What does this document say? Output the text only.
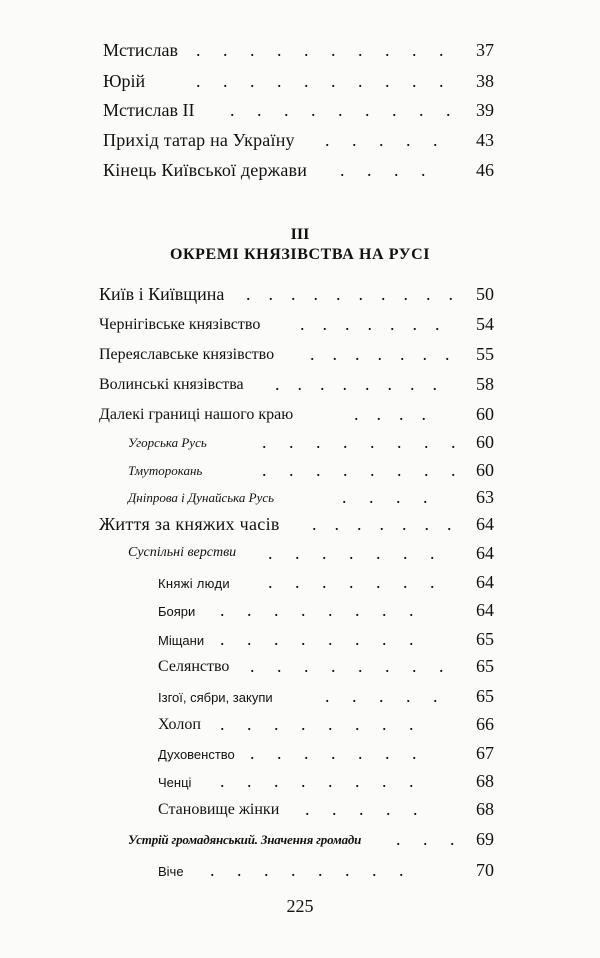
Мстислав .     .     .     .     .     .     .     .     .     .	37
Юрій	.     .     .     .     .     .     .     .     .     .	38
Мстислав II .     .     .     .     .     .     .     .     .	39
Прихід татар на Україну .     .     .     .     .	43
Кінець Київської держави .     .     .     .	46
III
ОКРЕМІ КНЯЗІВСТВА НА РУСІ
Київ і Київщина .    .    .    .    .    .    .    .    .    . 50
Чернігівське князівство .    .    .    .    .    .    .	54
Переяславське князівство .    .    .    .    .    .    .	55
Волинські князівства .    .    .    .    .    .    .    .	58
Далекі границі нашого краю	.    .    .    .	60
Угорська Русь	.     .     .     .     .     .     .     . 60
Тмуторокань	.     .     .     .     .     .     .     . 60
Дніпрова і Дунайська Русь	.     .     .     .	63
Життя за княжих часів .    .    .    .    .    .    .	64
Суспільні верстви .     .     .     .     .     .     .	64
Княжі люди .     .     .     .     .     .     .	64
Бояри .     .     .     .     .     .     .     .	64
Міщани .     .     .     .     .     .     .     .	65
Селянство .     .     .     .     .     .     .     .	65
Ізгої, сябри, закупи	.     .     .     .     .	65
Холоп .     .     .     .     .     .     .     .	66
Духовенство .     .     .     .     .     .     .	67
Ченці .     .     .     .     .     .     .     .	68
Становище жінки .     .     .     .     .	68
Устрій громадянський. Значення громади .     .     . 69
Віче .     .     .     .     .     .     .     .	70
225
